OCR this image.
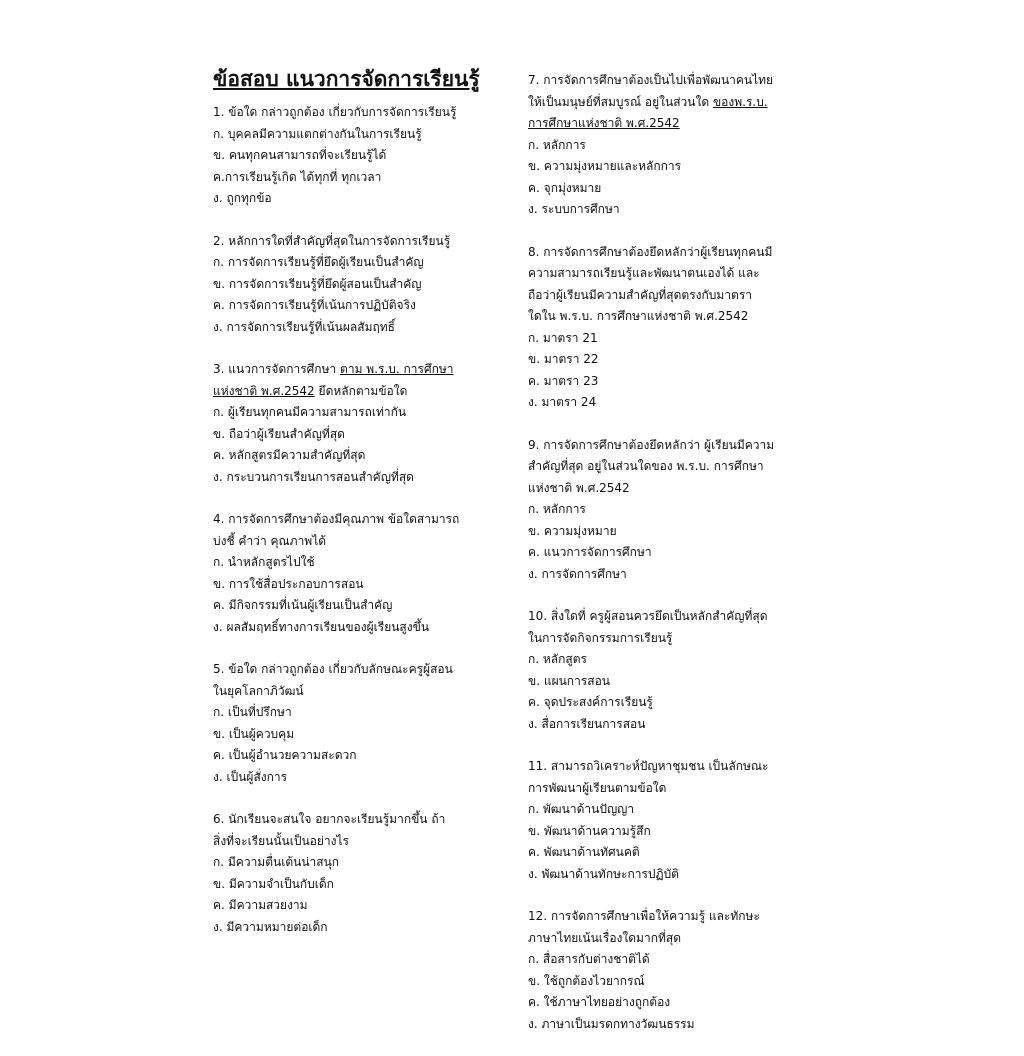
ข้อสอบ แนวการจัดการเรียนรู้
1. ข้อใด กล่าวถูกต้อง เกี่ยวกับการจัดการเรียนรู้
ก. บุคคลมีความแตกต่างกันในการเรียนรู้
ข. คนทุกคนสามารถที่จะเรียนรู้ได้
ค.การเรียนรู้เกิด ได้ทุกที่ ทุกเวลา
ง. ถูกทุกข้อ
2. หลักการใดที่สำคัญที่สุดในการจัดการเรียนรู้
ก. การจัดการเรียนรู้ที่ยึดผู้เรียนเป็นสำคัญ
ข. การจัดการเรียนรู้ที่ยึดผู้สอนเป็นสำคัญ
ค. การจัดการเรียนรู้ที่เน้นการปฏิบัติจริง
ง. การจัดการเรียนรู้ที่เน้นผลสัมฤทธิ์
3. แนวการจัดการศึกษา ตาม พ.ร.บ. การศึกษา
แห่งชาติ พ.ศ.2542 ยึดหลักตามข้อใด
ก. ผู้เรียนทุกคนมีความสามารถเท่ากัน
ข. ถือว่าผู้เรียนสำคัญที่สุด
ค. หลักสูตรมีความสำคัญที่สุด
ง. กระบวนการเรียนการสอนสำคัญที่สุด
4. การจัดการศึกษาต้องมีคุณภาพ ข้อใดสามารถ
บ่งชี้ คำว่า คุณภาพได้
ก. นำหลักสูตรไปใช้
ข. การใช้สื่อประกอบการสอน
ค. มีกิจกรรมที่เน้นผู้เรียนเป็นสำคัญ
ง. ผลสัมฤทธิ์ทางการเรียนของผู้เรียนสูงขึ้น
5. ข้อใด กล่าวถูกต้อง เกี่ยวกับลักษณะครูผู้สอน
ในยุคโลกาภิวัฒน์
ก. เป็นที่ปรึกษา
ข. เป็นผู้ควบคุม
ค. เป็นผู้อำนวยความสะดวก
ง. เป็นผู้สั่งการ
6. นักเรียนจะสนใจ อยากจะเรียนรู้มากขึ้น ถ้า
สิ่งที่จะเรียนนั้นเป็นอย่างไร
ก. มีความตื่นเต้นน่าสนุก
ข. มีความจำเป็นกับเด็ก
ค. มีความสวยงาม
ง. มีความหมายต่อเด็ก
7. การจัดการศึกษาต้องเป็นไปเพื่อพัฒนาคนไทย
ให้เป็นมนุษย์ที่สมบูรณ์ อยู่ในส่วนใด ของพ.ร.บ.
การศึกษาแห่งชาติ พ.ศ.2542
ก. หลักการ
ข. ความมุ่งหมายและหลักการ
ค. จุกมุ่งหมาย
ง. ระบบการศึกษา
8. การจัดการศึกษาต้องยึดหลักว่าผู้เรียนทุกคนมี
ความสามารถเรียนรู้และพัฒนาตนเองได้ และ
ถือว่าผู้เรียนมีความสำคัญที่สุดตรงกับมาตรา
ใดใน พ.ร.บ. การศึกษาแห่งชาติ พ.ศ.2542
ก. มาตรา 21
ข. มาตรา 22
ค. มาตรา 23
ง. มาตรา 24
9. การจัดการศึกษาต้องยึดหลักว่า ผู้เรียนมีความ
สำคัญที่สุด อยู่ในส่วนใดของ พ.ร.บ. การศึกษา
แห่งชาติ พ.ศ.2542
ก. หลักการ
ข. ความมุ่งหมาย
ค. แนวการจัดการศึกษา
ง. การจัดการศึกษา
10. สิ่งใดที่ ครูผู้สอนควรยึดเป็นหลักสำคัญที่สุด
ในการจัดกิจกรรมการเรียนรู้
ก. หลักสูตร
ข. แผนการสอน
ค. จุดประสงค์การเรียนรู้
ง. สื่อการเรียนการสอน
11. สามารถวิเคราะห์ปัญหาชุมชน เป็นลักษณะ
การพัฒนาผู้เรียนตามข้อใด
ก. พัฒนาด้านปัญญา
ข. พัฒนาด้านความรู้สึก
ค. พัฒนาด้านทัศนคติ
ง. พัฒนาด้านทักษะการปฏิบัติ
12. การจัดการศึกษาเพื่อให้ความรู้ และทักษะ
ภาษาไทยเน้นเรื่องใดมากที่สุด
ก. สื่อสารกับต่างชาติได้
ข. ใช้ถูกต้องไวยากรณ์
ค. ใช้ภาษาไทยอย่างถูกต้อง
ง. ภาษาเป็นมรดกทางวัฒนธรรม
